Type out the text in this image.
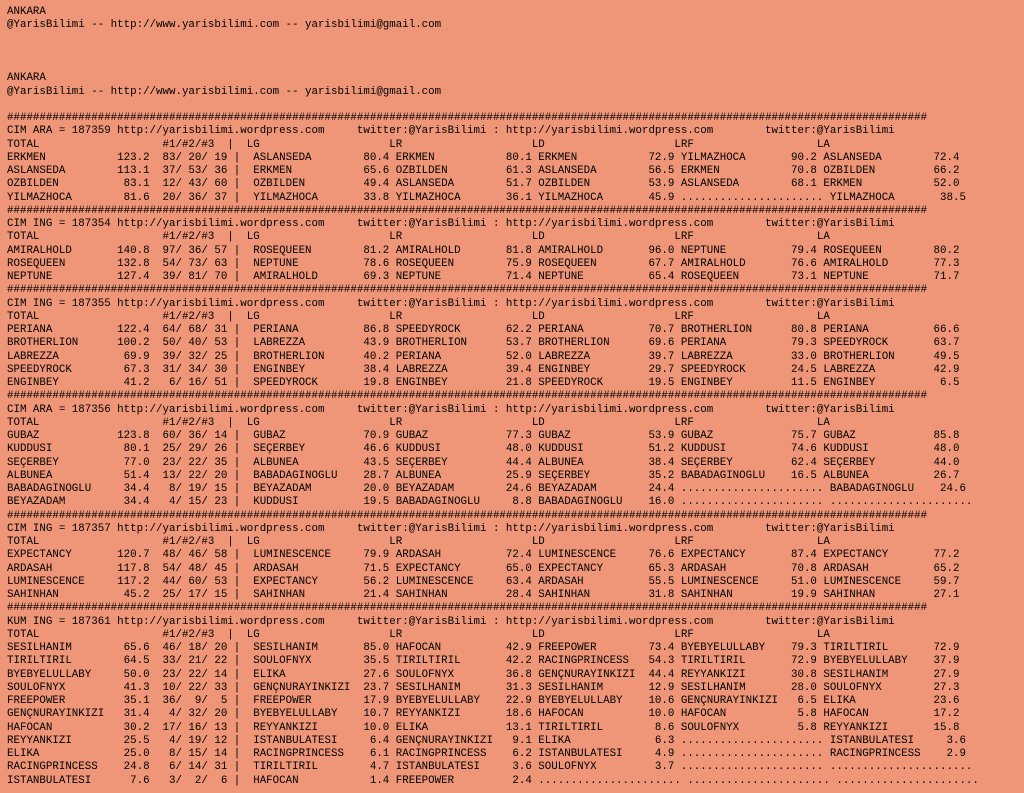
ANKARA
@YarisBilimi -- http://www.yarisbilimi.com -- yarisbilimi@gmail.com

ANKARA
@YarisBilimi -- http://www.yarisbilimi.com -- yarisbilimi@gmail.com

##############################################################################################################################################
CIM ARA = 187359 http://yarisbilimi.wordpress.com     twitter:@YarisBilimi : http://yarisbilimi.wordpress.com        twitter:@YarisBilimi
TOTAL                   #1/#2/#3  |  LG                    LR                    LD                    LRF                   LA
ERKMEN           123.2  83/ 20/ 19 |  ASLANSEDA        80.4 ERKMEN           80.1 ERKMEN           72.9 YILMAZHOCA       90.2 ASLANSEDA        72.4
ASLANSEDA        113.1  37/ 53/ 36 |  ERKMEN           65.6 ÖZBILDEN         61.3 ASLANSEDA        56.5 ERKMEN           70.8 ÖZBILDEN         66.2
ÖZBILDEN          83.1  12/ 43/ 60 |  ÖZBILDEN         49.4 ASLANSEDA        51.7 ÖZBILDEN         53.9 ASLANSEDA        68.1 ERKMEN           52.0
YILMAZHOCA        81.6  20/ 36/ 37 |  YILMAZHOCA       33.8 YILMAZHOCA       36.1 YILMAZHOCA       45.9 ...................... YILMAZHOCA       38.5
##############################################################################################################################################
CIM ING = 187354 http://yarisbilimi.wordpress.com     twitter:@YarisBilimi : http://yarisbilimi.wordpress.com        twitter:@YarisBilimi
TOTAL                   #1/#2/#3  |  LG                    LR                    LD                    LRF                   LA
AMIRALHOLD       140.8  97/ 36/ 57 |  ROSEQUEEN        81.2 AMIRALHOLD       81.8 AMIRALHOLD       96.0 NEPTUNE          79.4 ROSEQUEEN        80.2
ROSEQUEEN        132.8  54/ 73/ 63 |  NEPTUNE          78.6 ROSEQUEEN        75.9 ROSEQUEEN        67.7 AMIRALHOLD       76.6 AMIRALHOLD       77.3
NEPTUNE          127.4  39/ 81/ 70 |  AMIRALHOLD       69.3 NEPTUNE          71.4 NEPTUNE          65.4 ROSEQUEEN        73.1 NEPTUNE          71.7
##############################################################################################################################################
CIM ING = 187355 http://yarisbilimi.wordpress.com     twitter:@YarisBilimi : http://yarisbilimi.wordpress.com        twitter:@YarisBilimi
TOTAL                   #1/#2/#3  |  LG                    LR                    LD                    LRF                   LA
PERIANA          122.4  64/ 68/ 31 |  PERIANA          86.8 SPEEDYROCK       62.2 PERIANA          70.7 BROTHERLION      80.8 PERIANA          66.6
BROTHERLION      100.2  50/ 40/ 53 |  LABREZZA         43.9 BROTHERLION      53.7 BROTHERLION      69.6 PERIANA          79.3 SPEEDYROCK       63.7
LABREZZA          69.9  39/ 32/ 25 |  BROTHERLION      40.2 PERIANA          52.0 LABREZZA         39.7 LABREZZA         33.0 BROTHERLION      49.5
SPEEDYROCK        67.3  31/ 34/ 30 |  ENGINBEY         38.4 LABREZZA         39.4 ENGINBEY         29.7 SPEEDYROCK       24.5 LABREZZA         42.9
ENGINBEY          41.2   6/ 16/ 51 |  SPEEDYROCK       19.8 ENGINBEY         21.8 SPEEDYROCK       19.5 ENGINBEY         11.5 ENGINBEY          6.5
##############################################################################################################################################
CIM ARA = 187356 http://yarisbilimi.wordpress.com     twitter:@YarisBilimi : http://yarisbilimi.wordpress.com        twitter:@YarisBilimi
TOTAL                   #1/#2/#3  |  LG                    LR                    LD                    LRF                   LA
GUBAZ            123.8  60/ 36/ 14 |  GUBAZ            70.9 GUBAZ            77.3 GUBAZ            53.9 GUBAZ            75.7 GUBAZ            85.8
KUDDUSI           80.1  25/ 29/ 26 |  SEÇERBEY         46.6 KUDDUSI          48.0 KUDDUSI          51.2 KUDDUSI          74.6 KUDDUSI          48.0
SEÇERBEY          77.0  23/ 22/ 35 |  ALBUNEA          43.5 SEÇERBEY         44.4 ALBUNEA          38.4 SEÇERBEY         62.4 SEÇERBEY         44.0
ALBUNEA           51.4  13/ 22/ 20 |  BABADAGINOGLU    28.7 ALBUNEA          25.9 SEÇERBEY         35.2 BABADAGINOGLU    16.5 ALBUNEA          26.7
BABADAGINOGLU     34.4   8/ 19/ 15 |  BEYAZADAM        20.0 BEYAZADAM        24.6 BEYAZADAM        24.4 ...................... BABADAGINOGLU    24.6
BEYAZADAM         34.4   4/ 15/ 23 |  KUDDUSI          19.5 BABADAGINOGLU     8.8 BABADAGINOGLU    16.0 ...................... ......................
##############################################################################################################################################
CIM ING = 187357 http://yarisbilimi.wordpress.com     twitter:@YarisBilimi : http://yarisbilimi.wordpress.com        twitter:@YarisBilimi
TOTAL                   #1/#2/#3  |  LG                    LR                    LD                    LRF                   LA
EXPECTANCY       120.7  48/ 46/ 58 |  LUMINESCENCE     79.9 ARDASAH          72.4 LUMINESCENCE     76.6 EXPECTANCY       87.4 EXPECTANCY       77.2
ARDASAH          117.8  54/ 48/ 45 |  ARDASAH          71.5 EXPECTANCY       65.0 EXPECTANCY       65.3 ARDASAH          70.8 ARDASAH          65.2
LUMINESCENCE     117.2  44/ 60/ 53 |  EXPECTANCY       56.2 LUMINESCENCE     63.4 ARDASAH          55.5 LUMINESCENCE     51.0 LUMINESCENCE     59.7
SAHINHAN          45.2  25/ 17/ 15 |  SAHINHAN         21.4 SAHINHAN         28.4 SAHINHAN         31.8 SAHINHAN         19.9 SAHINHAN         27.1
##############################################################################################################################################
KUM ING = 187361 http://yarisbilimi.wordpress.com     twitter:@YarisBilimi : http://yarisbilimi.wordpress.com        twitter:@YarisBilimi
TOTAL                   #1/#2/#3  |  LG                    LR                    LD                    LRF                   LA
SESILHANIM        65.6  46/ 18/ 20 |  SESILHANIM       85.0 HAFOCAN          42.9 FREEPOWER        73.4 BYEBYELULLABY    79.3 TIRILTIRIL       72.9
TIRILTIRIL        64.5  33/ 21/ 22 |  SOULOFNYX        35.5 TIRILTIRIL       42.2 RACINGPRINCESS   54.3 TIRILTIRIL       72.9 BYEBYELULLABY    37.9
BYEBYELULLABY     50.0  23/ 22/ 14 |  ELIKA            27.6 SOULOFNYX        36.8 GENÇNURAYINKIZI  44.4 REYYANKIZI       30.8 SESILHANIM       27.9
SOULOFNYX         41.3  10/ 22/ 33 |  GENÇNURAYINKIZI  23.7 SESILHANIM       31.3 SESILHANIM       12.9 SESILHANIM       28.0 SOULOFNYX        27.3
FREEPOWER         35.1  36/  9/  5 |  FREEPOWER        17.9 BYEBYELULLABY    22.9 BYEBYELULLABY    10.6 GENÇNURAYINKIZI   6.5 ELIKA            23.6
GENÇNURAYINKIZI   31.4   4/ 32/ 20 |  BYEBYELULLABY    10.7 REYYANKIZI       18.6 HAFOCAN          10.0 HAFOCAN           5.8 HAFOCAN          17.2
HAFOCAN           30.2  17/ 16/ 13 |  REYYANKIZI       10.0 ELIKA            13.1 TIRILTIRIL        8.6 SOULOFNYX         5.8 REYYANKIZI       15.8
REYYANKIZI        25.5   4/ 19/ 12 |  ISTANBULATESI     6.4 GENÇNURAYINKIZI   9.1 ELIKA             6.3 ...................... ISTANBULATESI     3.6
ELIKA             25.0   8/ 15/ 14 |  RACINGPRINCESS    6.1 RACINGPRINCESS    6.2 ISTANBULATESI     4.9 ...................... RACINGPRINCESS    2.9
RACINGPRINCESS    24.8   6/ 14/ 31 |  TIRILTIRIL        4.7 ISTANBULATESI     3.6 SOULOFNYX         3.7 ...................... ......................
ISTANBULATESI      7.6   3/  2/  6 |  HAFOCAN           1.4 FREEPOWER         2.4 ...................... ...................... ......................
